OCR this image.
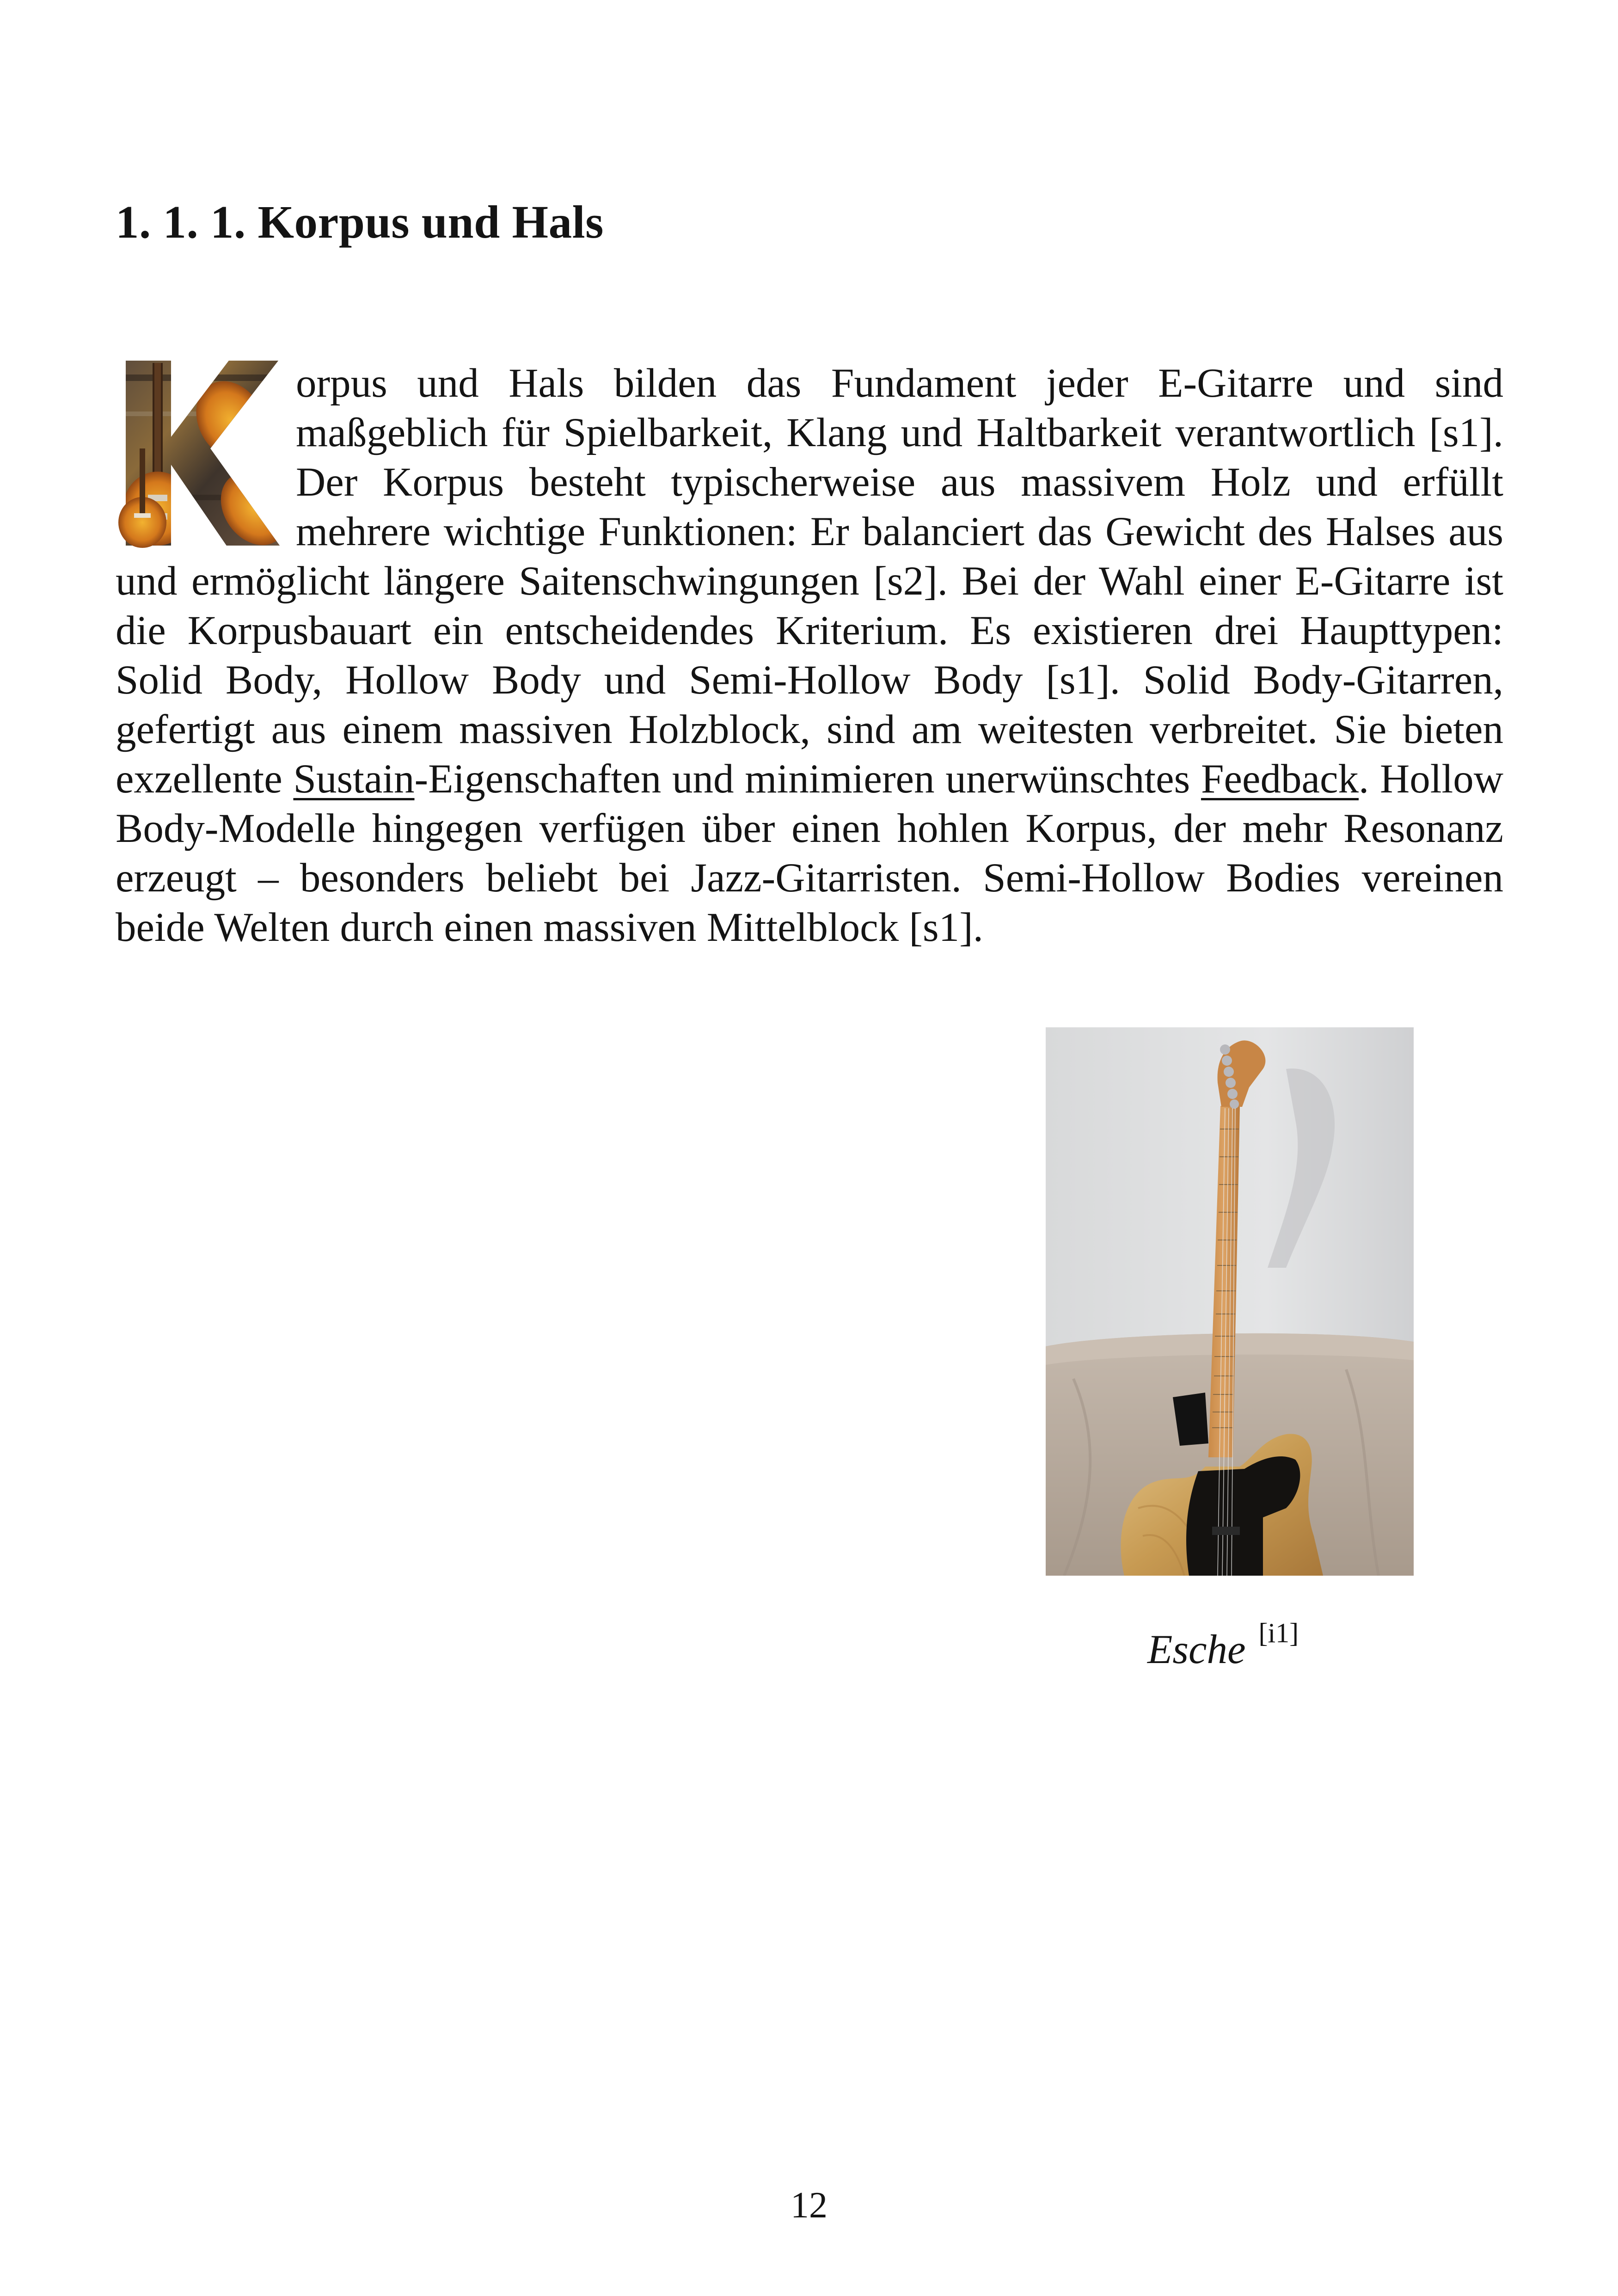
1. 1. 1. Korpus und Hals

orpus und Hals bilden das Fundament jeder E-Gitarre und sind maßgeblich für Spielbarkeit, Klang und Haltbarkeit verantwortlich [s1]. Der Korpus besteht typischerweise aus massivem Holz und erfüllt mehrere wichtige Funktionen: Er balanciert das Gewicht des Halses aus und ermöglicht längere Saitenschwingungen [s2]. Bei der Wahl einer E-Gitarre ist die Korpusbauart ein entscheidendes Kriterium. Es existieren drei Haupttypen: Solid Body, Hollow Body und Semi-Hollow Body [s1]. Solid Body-Gitarren, gefertigt aus einem massiven Holzblock, sind am weitesten verbreitet. Sie bieten exzellente Sustain-Eigenschaften und minimieren unerwünschtes Feedback. Hollow Body-Modelle hingegen verfügen über einen hohlen Korpus, der mehr Resonanz erzeugt – besonders beliebt bei Jazz-Gitarristen. Semi-Hollow Bodies vereinen beide Welten durch einen massiven Mittelblock [s1].

Esche [i1]

12
